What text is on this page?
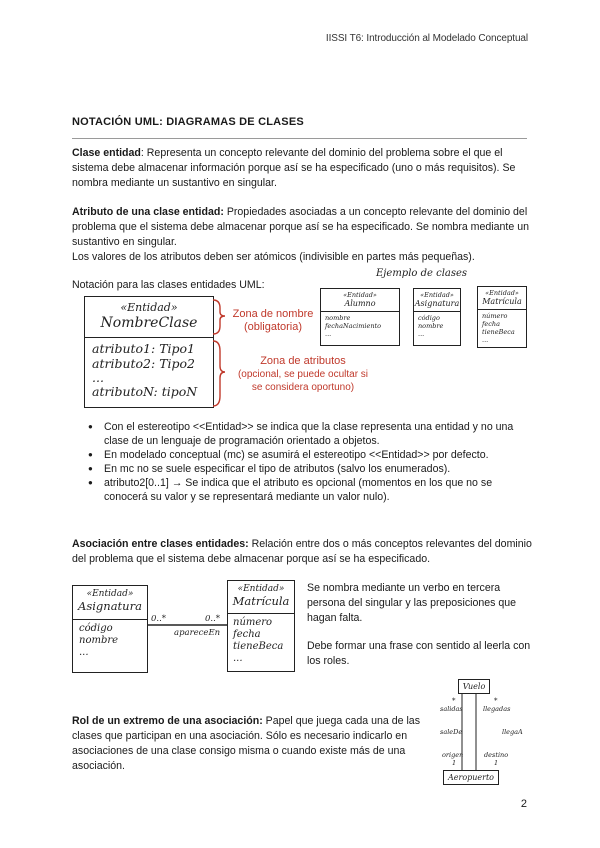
IISSI T6: Introducción al Modelado Conceptual
NOTACIÓN UML: DIAGRAMAS DE CLASES
Clase entidad: Representa un concepto relevante del dominio del problema sobre el que el sistema debe almacenar información porque así se ha especificado (uno o más requisitos). Se nombra mediante un sustantivo en singular.
Atributo de una clase entidad: Propiedades asociadas a un concepto relevante del dominio del problema que el sistema debe almacenar porque así se ha especificado. Se nombra mediante un sustantivo en singular.
Los valores de los atributos deben ser atómicos (indivisible en partes más pequeñas).
Notación para las clases entidades UML:
Ejemplo de clases
«Entidad»
NombreClase
atributo1: Tipo1
atributo2: Tipo2
...
atributoN: tipoN
Zona de nombre
(obligatoria)
Zona de atributos
(opcional, se puede ocultar si
se considera oportuno)
«Entidad»
Alumno
nombre
fechaNacimiento
...
«Entidad»
Asignatura
código
nombre
...
«Entidad»
Matrícula
número
fecha
tieneBeca
...
● Con el estereotipo <<Entidad>> se indica que la clase representa una entidad y no una clase de un lenguaje de programación orientado a objetos.
● En modelado conceptual (mc) se asumirá el estereotipo <<Entidad>> por defecto.
● En mc no se suele especificar el tipo de atributos (salvo los enumerados).
● atributo2[0..1] → Se indica que el atributo es opcional (momentos en los que no se conocerá su valor y se representará mediante un valor nulo).
Asociación entre clases entidades: Relación entre dos o más conceptos relevantes del dominio del problema que el sistema debe almacenar porque así se ha especificado.
«Entidad»
Asignatura
código
nombre
...
0..*	0..*
apareceEn
«Entidad»
Matrícula
número
fecha
tieneBeca
...
Se nombra mediante un verbo en tercera persona del singular y las preposiciones que hagan falta.
Debe formar una frase con sentido al leerla con los roles.
Rol de un extremo de una asociación: Papel que juega cada una de las clases que participan en una asociación. Sólo es necesario indicarlo en asociaciones de una clase consigo misma o cuando existe más de una asociación.
Vuelo
*	*
salidas	llegadas
saleDe	llegaA
origen	destino
1	1
Aeropuerto
2
